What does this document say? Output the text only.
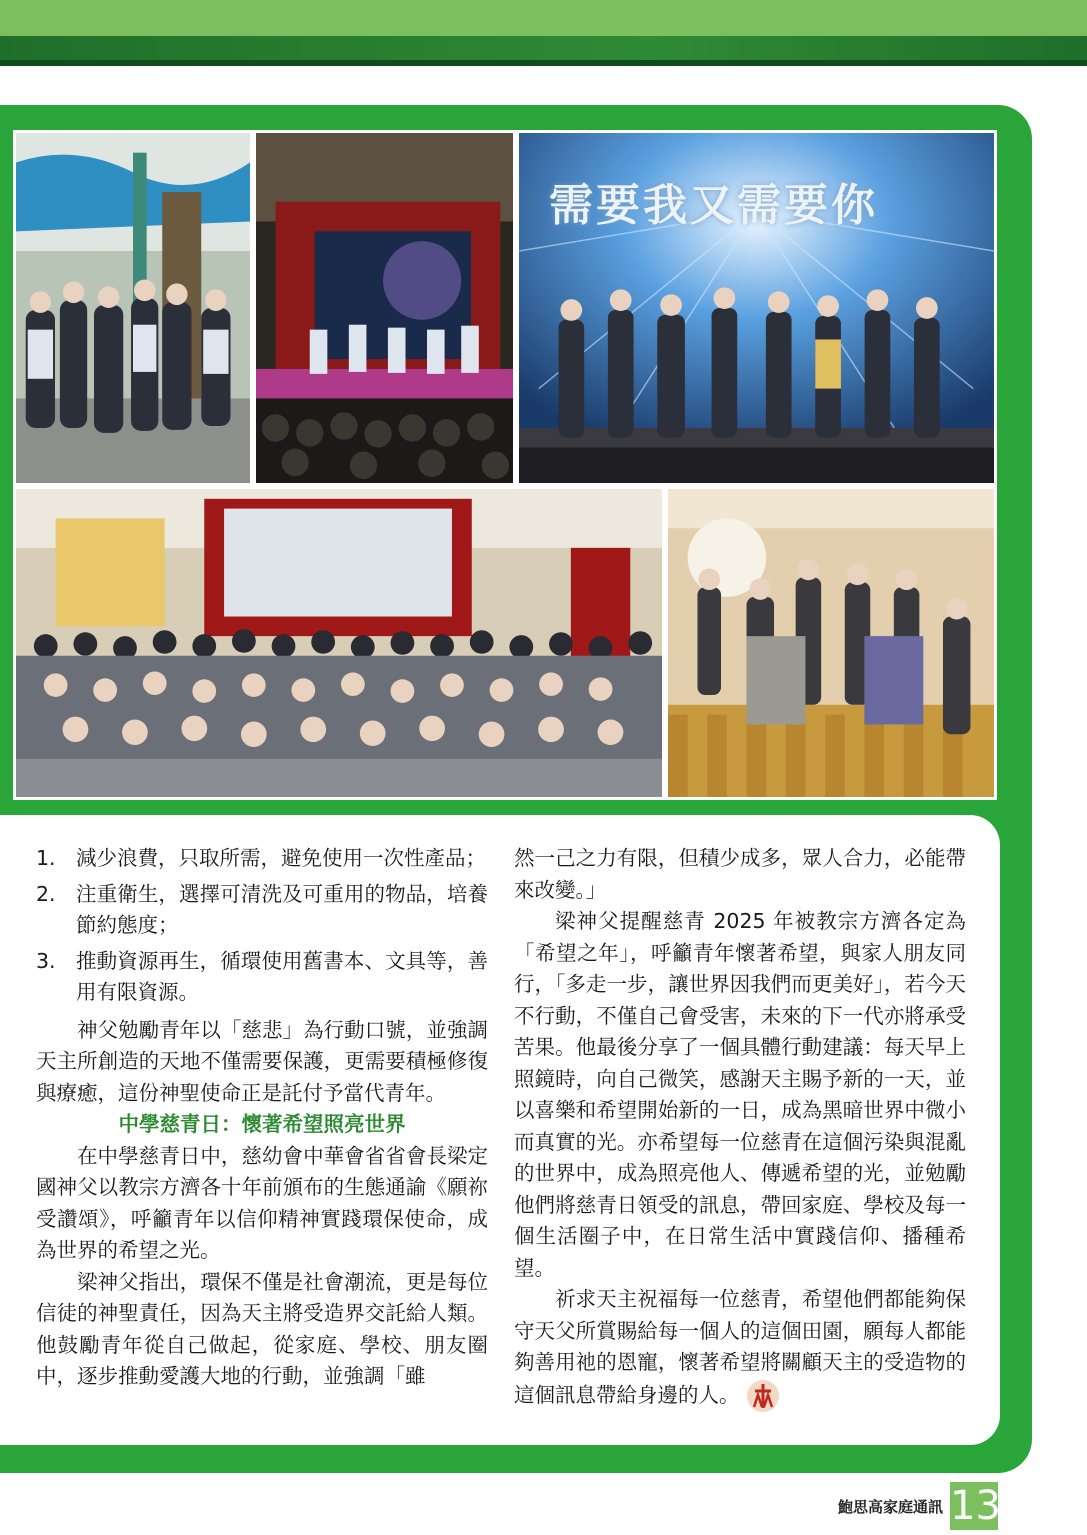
需要我又需要你
1. 減少浪費，只取所需，避免使用一次性產品；
2. 注重衛生，選擇可清洗及可重用的物品，培養節約態度；
3. 推動資源再生，循環使用舊書本、文具等，善用有限資源。

神父勉勵青年以「慈悲」為行動口號，並強調天主所創造的天地不僅需要保護，更需要積極修復與療癒，這份神聖使命正是託付予當代青年。

中學慈青日：懷著希望照亮世界

在中學慈青日中，慈幼會中華會省省會長梁定國神父以教宗方濟各十年前頒布的生態通諭《願祢受讚頌》，呼籲青年以信仰精神實踐環保使命，成為世界的希望之光。

梁神父指出，環保不僅是社會潮流，更是每位信徒的神聖責任，因為天主將受造界交託給人類。他鼓勵青年從自己做起，從家庭、學校、朋友圈中，逐步推動愛護大地的行動，並強調「雖

然一己之力有限，但積少成多，眾人合力，必能帶來改變。」

梁神父提醒慈青 2025 年被教宗方濟各定為「希望之年」，呼籲青年懷著希望，與家人朋友同行，「多走一步，讓世界因我們而更美好」，若今天不行動，不僅自己會受害，未來的下一代亦將承受苦果。他最後分享了一個具體行動建議：每天早上照鏡時，向自己微笑，感謝天主賜予新的一天，並以喜樂和希望開始新的一日，成為黑暗世界中微小而真實的光。亦希望每一位慈青在這個污染與混亂的世界中，成為照亮他人、傳遞希望的光，並勉勵他們將慈青日領受的訊息，帶回家庭、學校及每一個生活圈子中，在日常生活中實踐信仰、播種希望。

祈求天主祝福每一位慈青，希望他們都能夠保守天父所賞賜給每一個人的這個田園，願每人都能夠善用祂的恩寵，懷著希望將關顧天主的受造物的這個訊息帶給身邊的人。

鮑思高家庭通訊 13
